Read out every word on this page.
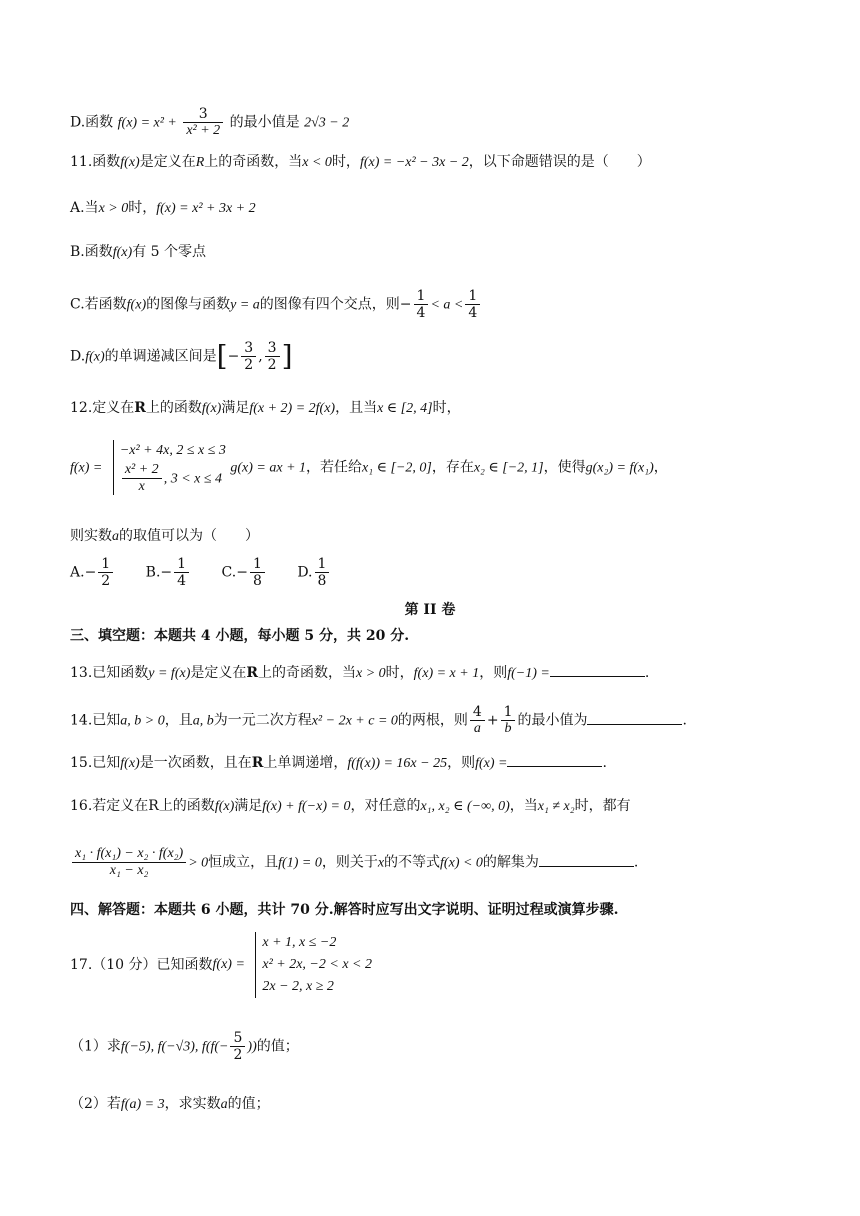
D.函数 $f(x) = x^2 + \frac{3}{\text{x² + 2}}$ 的最小值是 2√3 − 2
11.函数f(x)是定义在R上的奇函数，当x < 0时，f(x) = −x² − 3x − 2，以下命题错误的是（　　）
A.当x > 0时，f(x) = x² + 3x + 2
B.函数f(x)有 5 个零点
C.若函数f(x)的图像与函数y = a的图像有四个交点，则− $\frac{1}{4} < a < \frac{1}{4}$
D.f(x)的单调递减区间是[− $\frac{3}{2}$ , $\frac{3}{2}$ ]
12.定义在R上的函数f(x)满足f(x + 2) = 2f(x)，且当x ∈ [2, 4]时，
f(x) =
−x² + 4x, 2 ≤ x ≤ 3
$\frac{\text{x² + 2}}{x}$ , 3 < x ≤ 4
g(x) = ax + 1，若任给x₁ ∈ [−2, 0]，存在x₂ ∈ [−2, 1]，使得g(x₂) = f(x₁)，
则实数a的取值可以为（　　）
$A.- \frac{1}{2} B.- \frac{1}{4} C.- \frac{1}{8} D$. $\frac{1}{8}$
第 II 卷
三、填空题：本题共 4 小题，每小题 5 分，共 20 分.
13.已知函数y = f(x)是定义在R上的奇函数，当x > 0时，f(x) = x + 1，则f(−1) =	.
14.已知a, b > 0，且a, b为一元二次方程x² − 2x + c = 0的两根，则 $\frac{4}{a} + \frac{1}{b}$ 的最小值为	.
15.已知f(x)是一次函数，且在R上单调递增，f(f(x)) = 16x − 25，则f(x) =	.
16.若定义在R上的函数f(x)满足f(x) + f(−x) = 0，对任意的x₁, x₂ ∈ (−∞, 0)，当x₁ ≠ x₂时，都有
$\frac{\text{x₁ · f(x₁) − x₂ · f(x₂)}}{\text{x₁ − x₂}} > 0$恒成立，且f(1) = 0，则关于x的不等式f(x) < 0的解集为	.
四、解答题：本题共 6 小题，共计 70 分.解答时应写出文字说明、证明过程或演算步骤.
17.（10 分）已知函数f(x) =
x + 1, x ≤ −2
x² + 2x, −2 < x < 2
2x − 2, x ≥ 2
（1）求f(−5), f(−√3), $f(f(- \frac{5}{2}$ ))的值；
（2）若f(a) = 3，求实数a的值；
